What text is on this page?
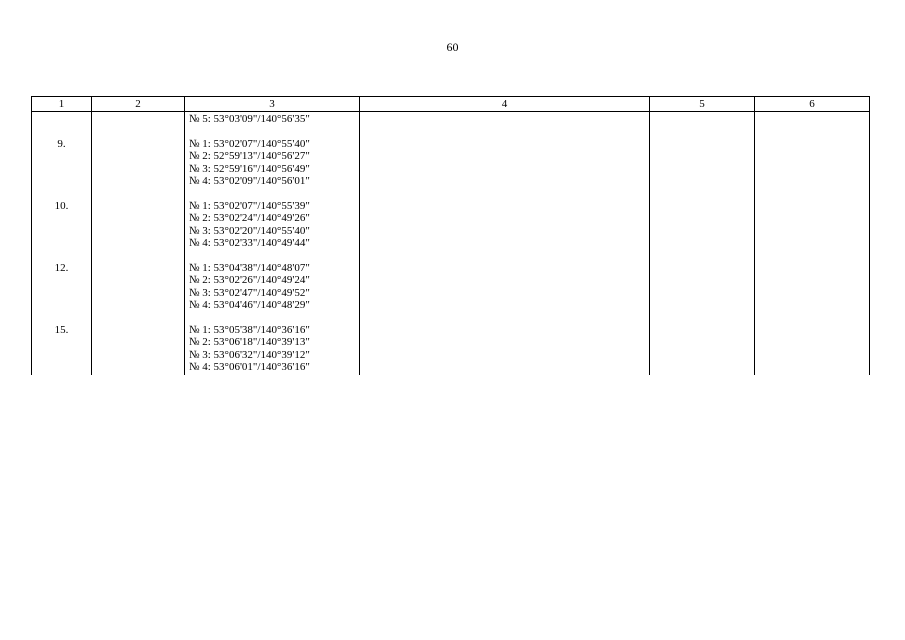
60
1	2	3	4	5	6
		№ 5: 53°03'09"/140°56'35"			

9.		№ 1: 53°02'07"/140°55'40"
№ 2: 52°59'13"/140°56'27"
№ 3: 52°59'16"/140°56'49"
№ 4: 53°02'09"/140°56'01"			

10.		№ 1: 53°02'07"/140°55'39"
№ 2: 53°02'24"/140°49'26"
№ 3: 53°02'20"/140°55'40"
№ 4: 53°02'33"/140°49'44"			

12.		№ 1: 53°04'38"/140°48'07"
№ 2: 53°02'26"/140°49'24"
№ 3: 53°02'47"/140°49'52"
№ 4: 53°04'46"/140°48'29"			

15.		№ 1: 53°05'38"/140°36'16"
№ 2: 53°06'18"/140°39'13"
№ 3: 53°06'32"/140°39'12"
№ 4: 53°06'01"/140°36'16"			
